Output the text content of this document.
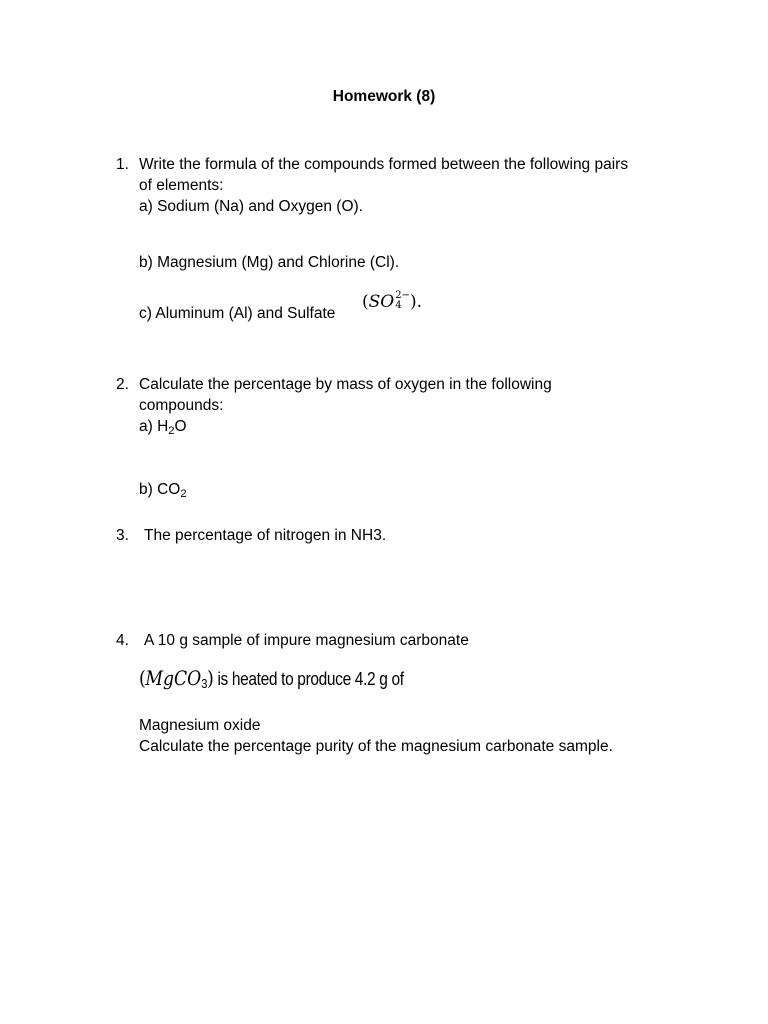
Homework (8)
1. Write the formula of the compounds formed between the following pairs
of elements:
a) Sodium (Na) and Oxygen (O).
b) Magnesium (Mg) and Chlorine (Cl).
c) Aluminum (Al) and Sulfate
(SO 2−
4 ).
2. Calculate the percentage by mass of oxygen in the following
compounds:
a) $H_2O$
b) $CO_2$
3. The percentage of nitrogen in NH3.
4. A 10 g sample of impure magnesium carbonate
(MgCO$_3$) is heated to produce 4.2 g of
Magnesium oxide
Calculate the percentage purity of the magnesium carbonate sample.
